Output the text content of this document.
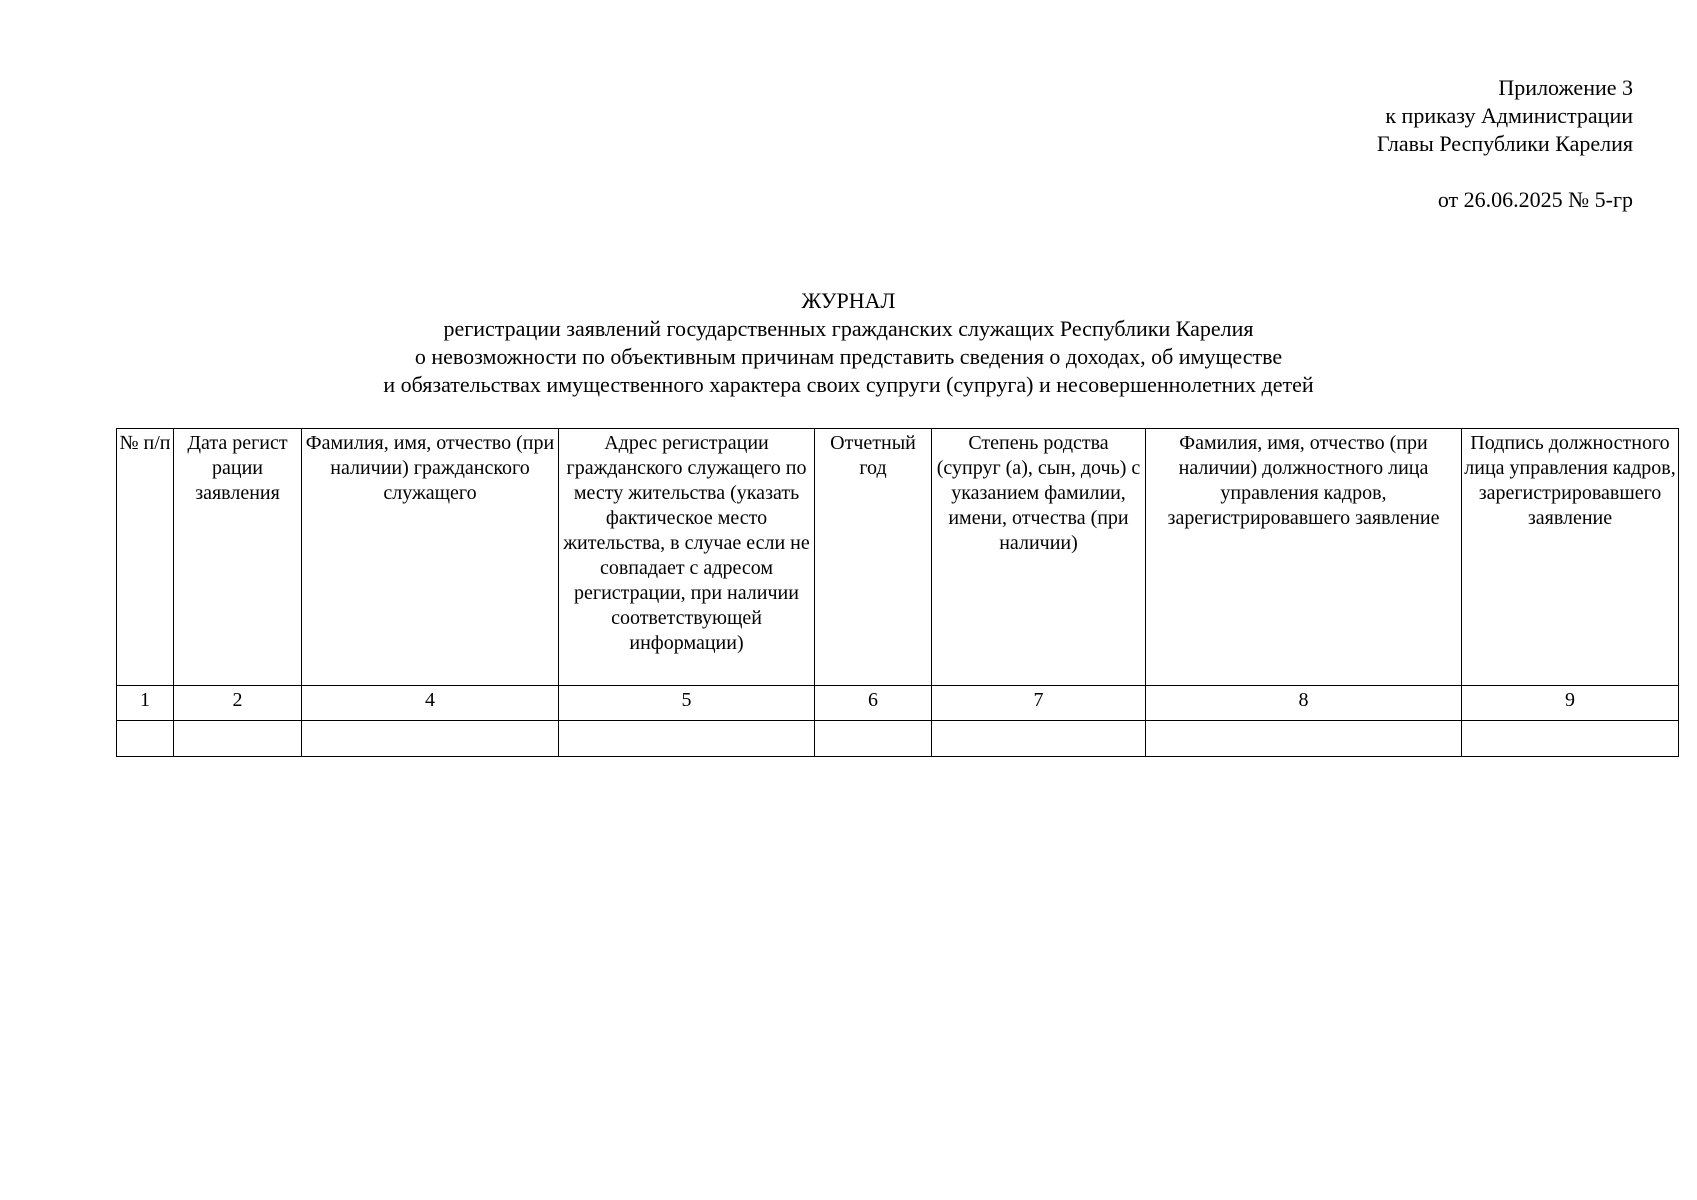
Приложение 3
к приказу Администрации
Главы Республики Карелия
от 26.06.2025 № 5-гр
ЖУРНАЛ
регистрации заявлений государственных гражданских служащих Республики Карелия
о невозможности по объективным причинам представить сведения о доходах, об имуществе
и обязательствах имущественного характера своих супруги (супруга) и несовершеннолетних детей
№ п/п	Дата регист рации заявления	Фамилия, имя, отчество (при наличии) гражданского служащего	Адрес регистрации гражданского служащего по месту жительства (указать фактическое место жительства, в случае если не совпадает с адресом регистрации, при наличии соответствующей информации)	Отчетный год	Степень родства (супруг (а), сын, дочь) с указанием фамилии, имени, отчества (при наличии)	Фамилия, имя, отчество (при наличии) должностного лица управления кадров, зарегистрировавшего заявление	Подпись должностного лица управления кадров, зарегистрировавшего заявление
1	2	4	5	6	7	8	9
